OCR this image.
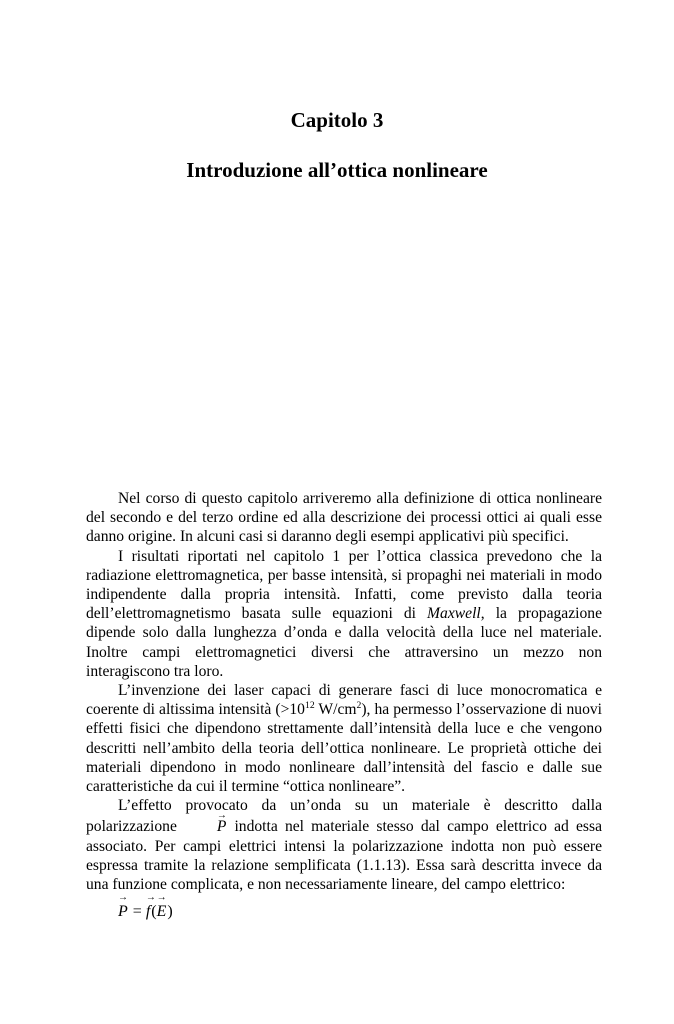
Capitolo 3
Introduzione all’ottica nonlineare

Nel corso di questo capitolo arriveremo alla definizione di ottica nonlineare del secondo e del terzo ordine ed alla descrizione dei processi ottici ai quali esse danno origine. In alcuni casi si daranno degli esempi applicativi più specifici.

I risultati riportati nel capitolo 1 per l’ottica classica prevedono che la radiazione elettromagnetica, per basse intensità, si propaghi nei materiali in modo indipendente dalla propria intensità. Infatti, come previsto dalla teoria dell’elettromagnetismo basata sulle equazioni di Maxwell, la propagazione dipende solo dalla lunghezza d’onda e dalla velocità della luce nel materiale. Inoltre campi elettromagnetici diversi che attraversino un mezzo non interagiscono tra loro.

L’invenzione dei laser capaci di generare fasci di luce monocromatica e coerente di altissima intensità ($>10^{12}$ $W/cm^2$), ha permesso l’osservazione di nuovi effetti fisici che dipendono strettamente dall’intensità della luce e che vengono descritti nell’ambito della teoria dell’ottica nonlineare. Le proprietà ottiche dei materiali dipendono in modo nonlineare dall’intensità del fascio e dalle sue caratteristiche da cui il termine “ottica nonlineare”.

L’effetto provocato da un’onda su un materiale è descritto dalla polarizzazione→	P indotta nel materiale stesso dal campo elettrico ad essa associato. Per campi elettrici intensi la polarizzazione indotta non può essere espressa tramite la relazione semplificata (1.1.13). Essa sarà descritta invece da una funzione complicata, e non necessariamente lineare, del campo elettrico:

→ P = → f(→ E)
